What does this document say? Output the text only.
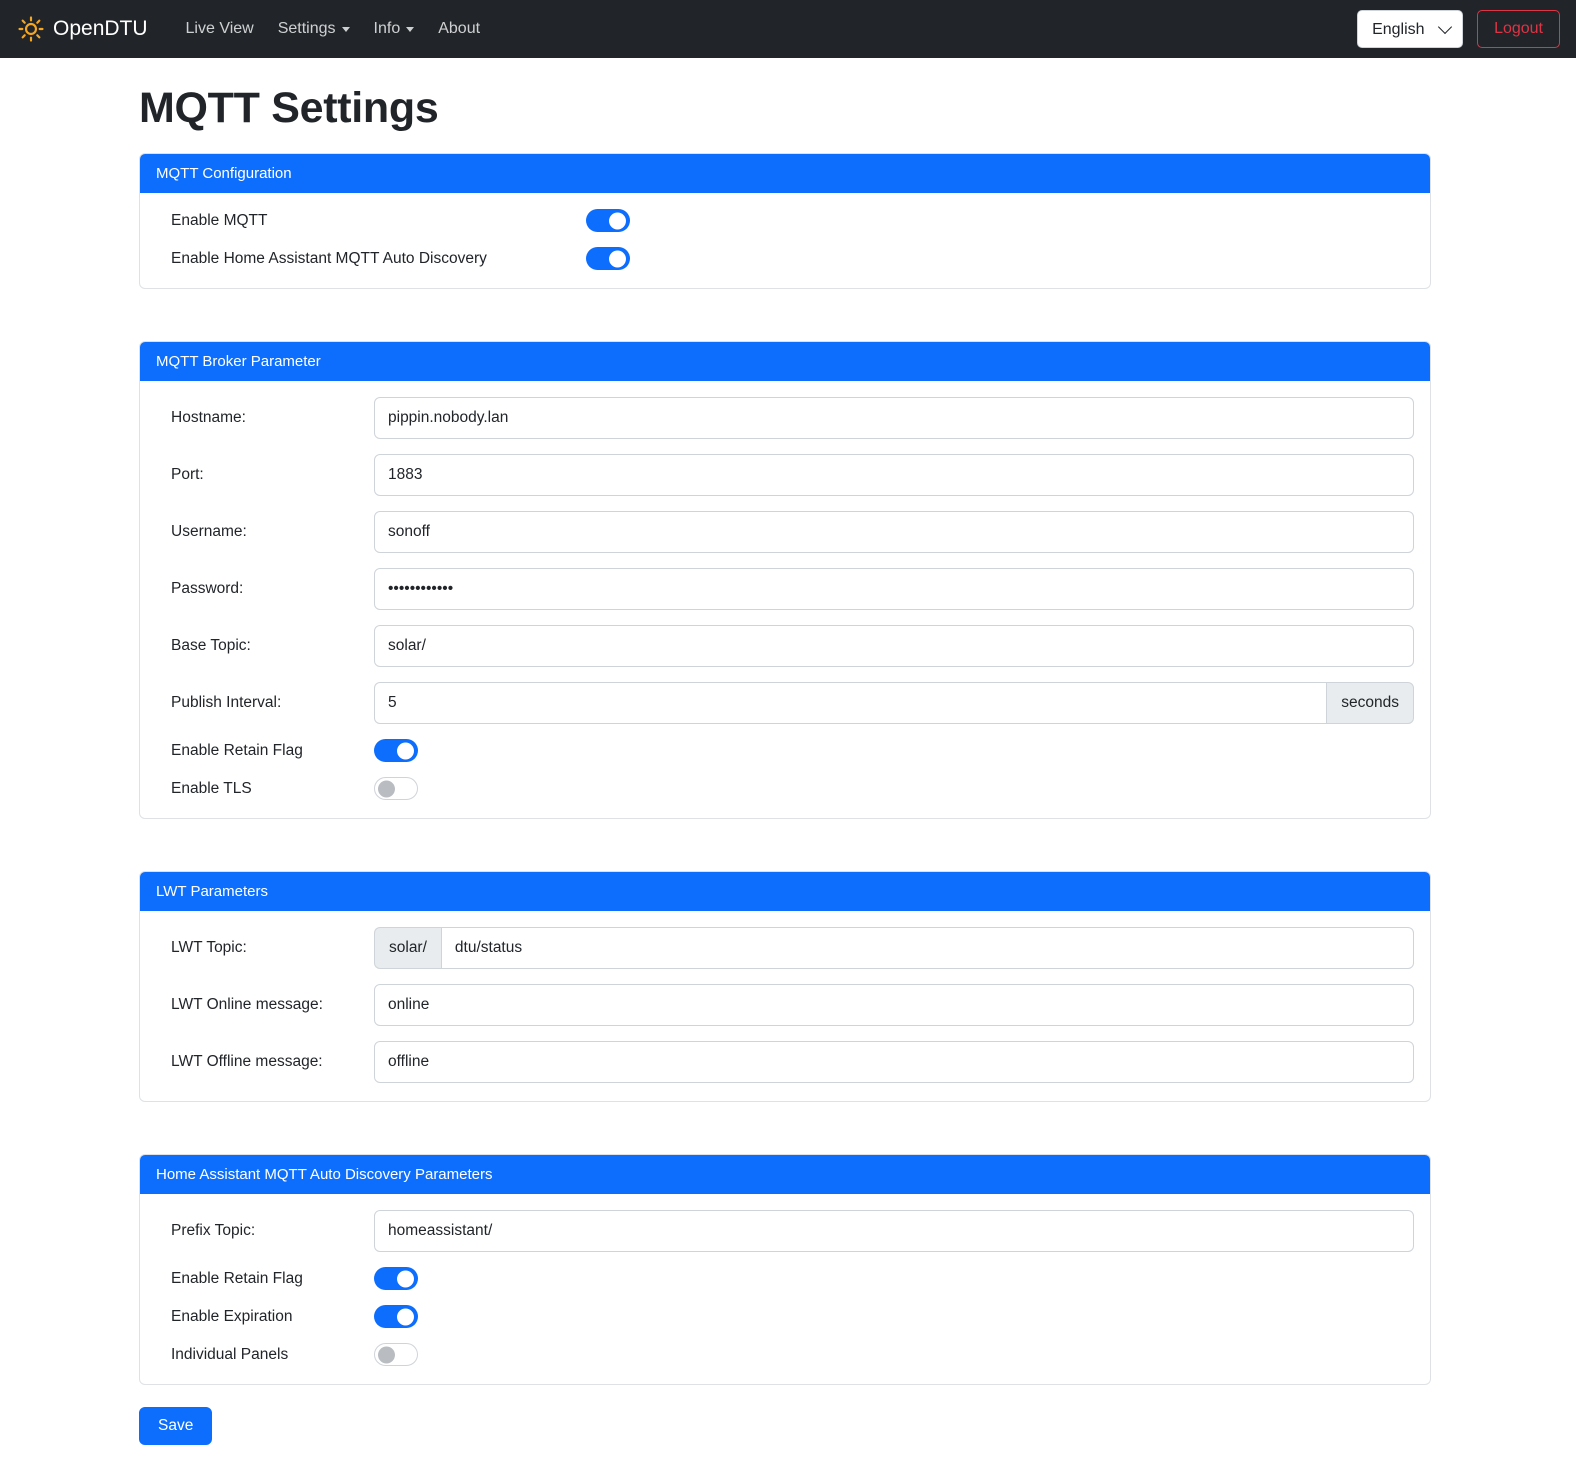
OpenDTU Live View Settings Info About
English	Logout
MQTT Settings
MQTT Configuration
Enable MQTT
Enable Home Assistant MQTT Auto Discovery
MQTT Broker Parameter
Hostname:
pippin.nobody.lan
Port:
1883
Username:
sonoff
Password:
••••••••••••
Base Topic:
solar/
Publish Interval:
5	seconds
Enable Retain Flag
Enable TLS
LWT Parameters
LWT Topic:	solar/
dtu/status
LWT Online message:
online
LWT Offline message:
offline
Home Assistant MQTT Auto Discovery Parameters
Prefix Topic:
homeassistant/
Enable Retain Flag
Enable Expiration
Individual Panels
Save
